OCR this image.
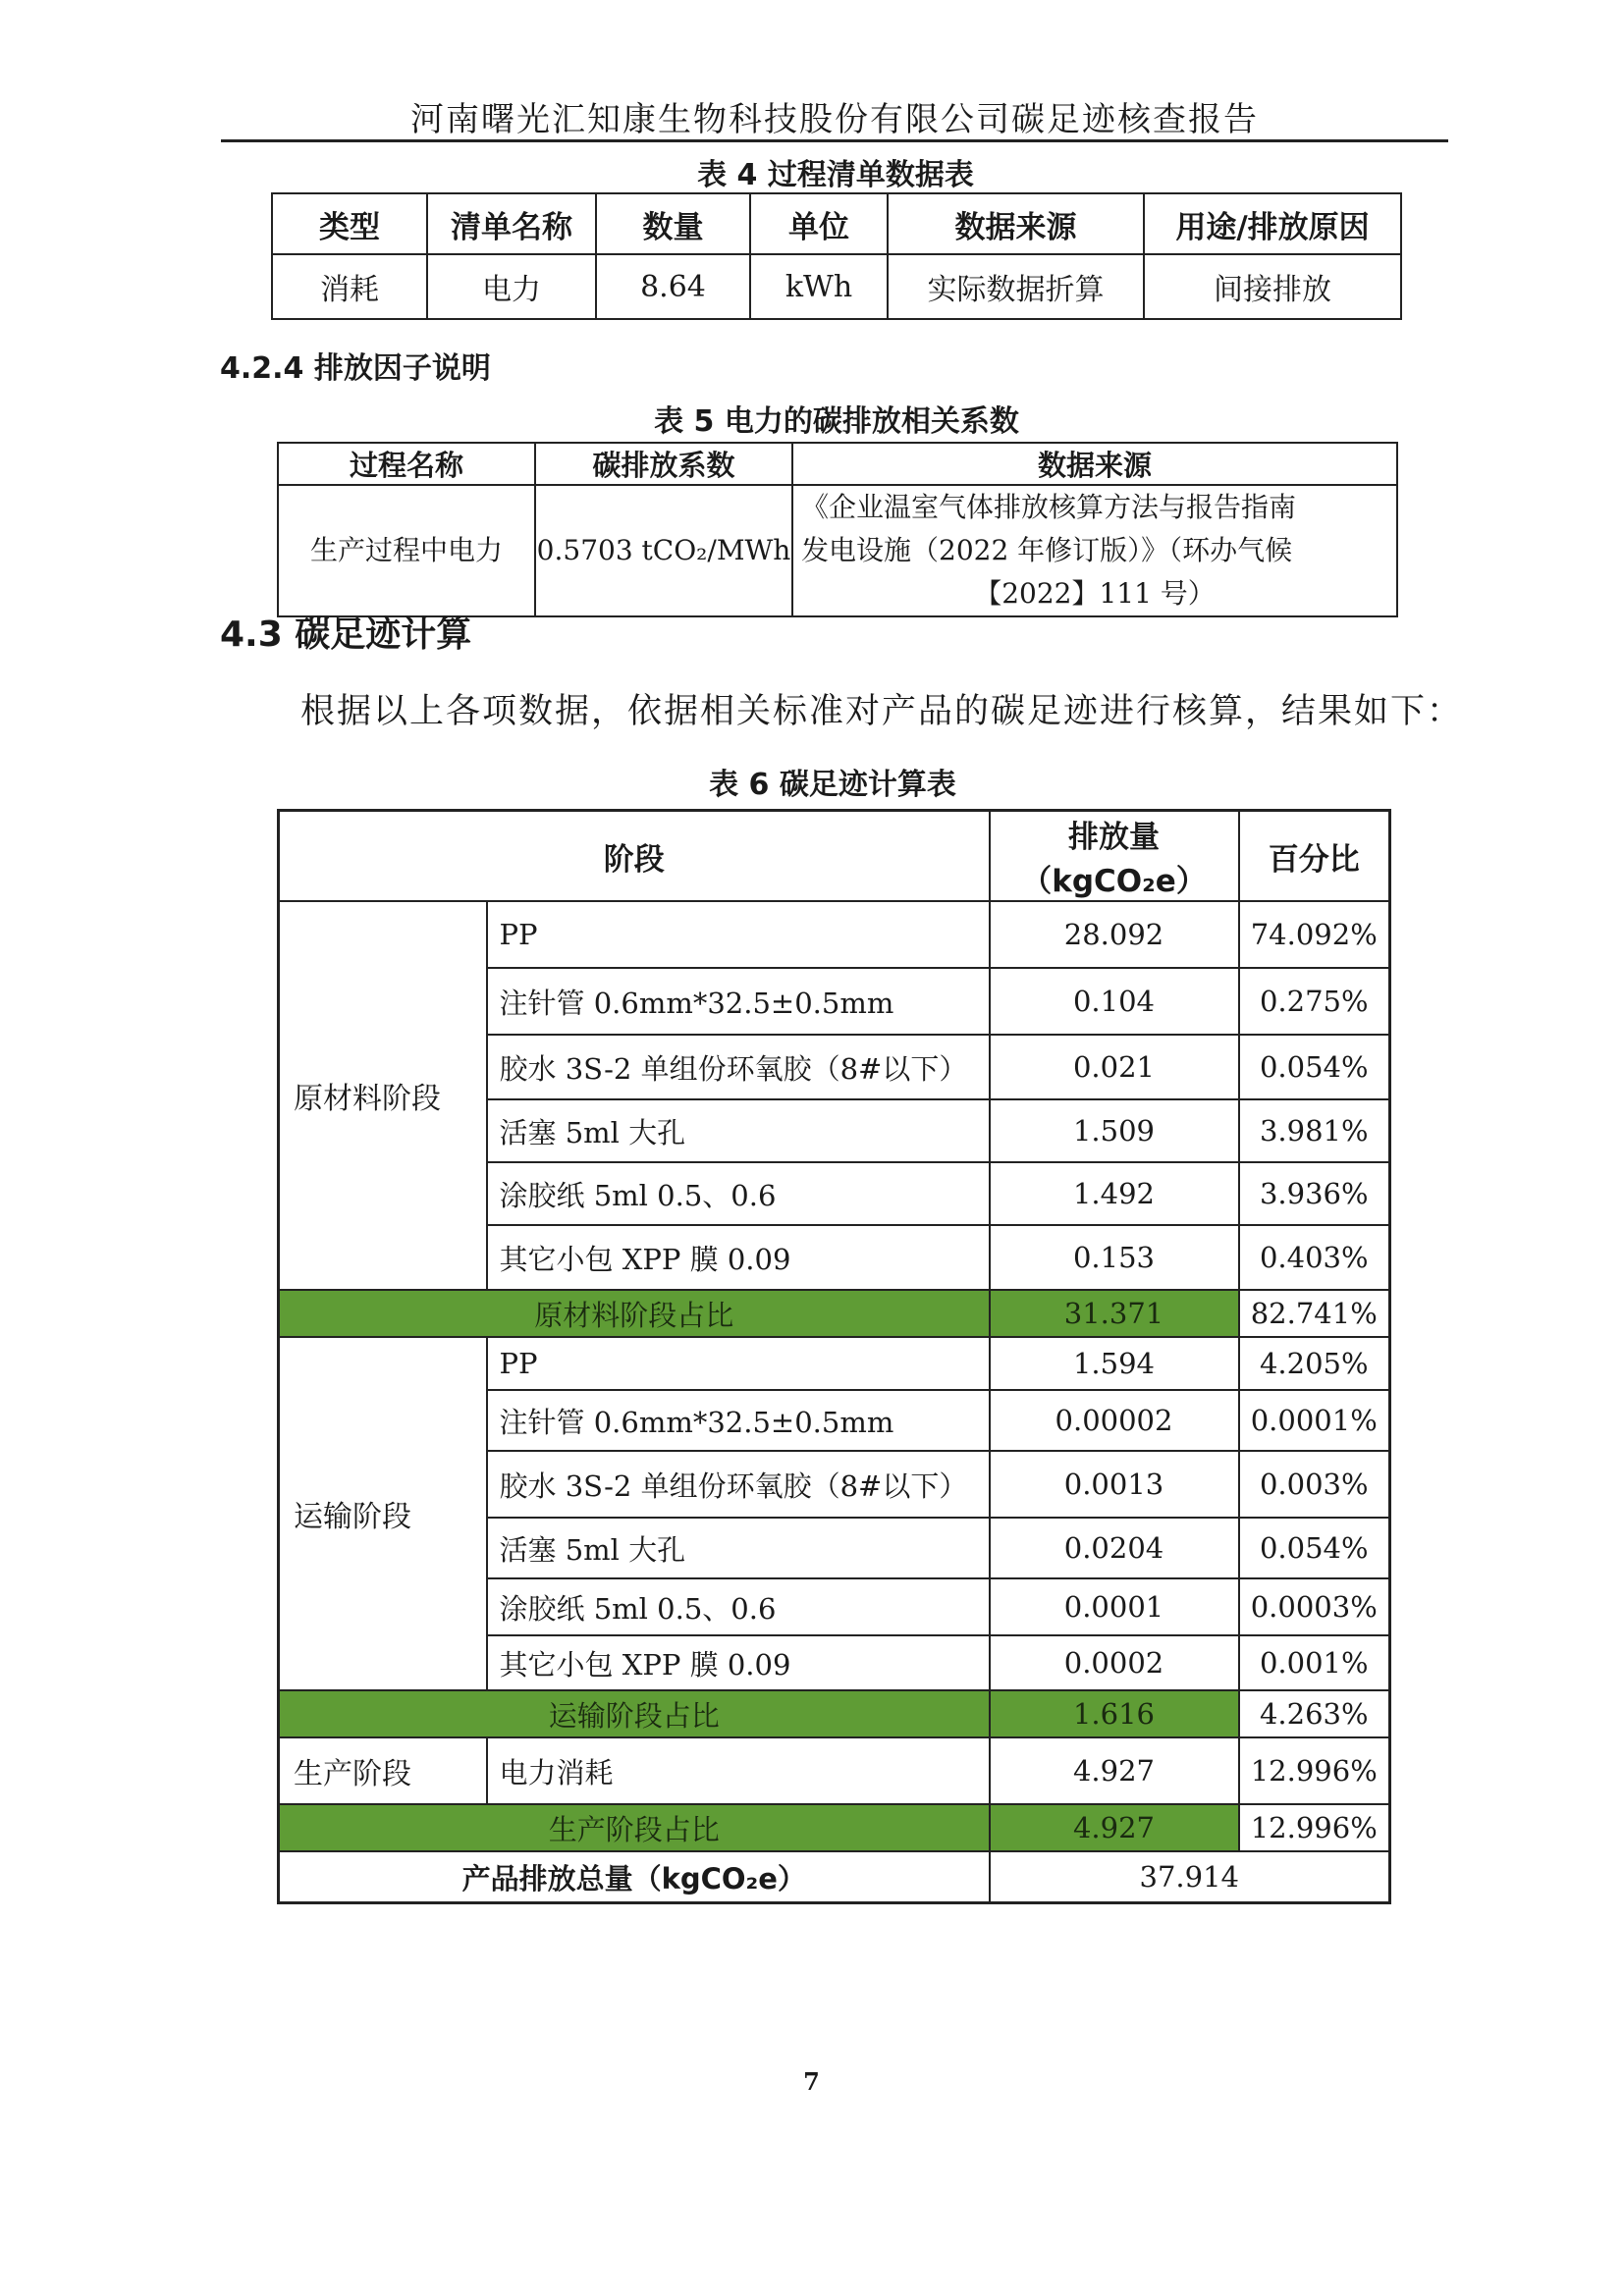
河南曙光汇知康生物科技股份有限公司碳足迹核查报告
表 4 过程清单数据表
类型	清单名称	数量	单位	数据来源	用途/排放原因
消耗	电力	8.64	kWh	实际数据折算	间接排放
4.2.4 排放因子说明
表 5 电力的碳排放相关系数
过程名称	碳排放系数	数据来源
生产过程中电力	0.5703 tCO₂/MWh	《企业温室气体排放核算方法与报告指南
发电设施（2022 年修订版）》（环办气候
【2022】111 号）
4.3 碳足迹计算
根据以上各项数据，依据相关标准对产品的碳足迹进行核算，结果如下：
表 6 碳足迹计算表
阶段		排放量（kgCO₂e）	百分比
原材料阶段	PP	28.092	74.092%
	注针管 0.6mm*32.5±0.5mm	0.104	0.275%
	胶水 3S-2 单组份环氧胶（8#以下）	0.021	0.054%
	活塞 5ml 大孔	1.509	3.981%
	涂胶纸 5ml 0.5、0.6	1.492	3.936%
	其它小包 XPP 膜 0.09	0.153	0.403%
原材料阶段占比		31.371	82.741%
运输阶段	PP	1.594	4.205%
	注针管 0.6mm*32.5±0.5mm	0.00002	0.0001%
	胶水 3S-2 单组份环氧胶（8#以下）	0.0013	0.003%
	活塞 5ml 大孔	0.0204	0.054%
	涂胶纸 5ml 0.5、0.6	0.0001	0.0003%
	其它小包 XPP 膜 0.09	0.0002	0.001%
运输阶段占比		1.616	4.263%
生产阶段	电力消耗	4.927	12.996%
生产阶段占比		4.927	12.996%
产品排放总量（kgCO₂e）		37.914	
7
